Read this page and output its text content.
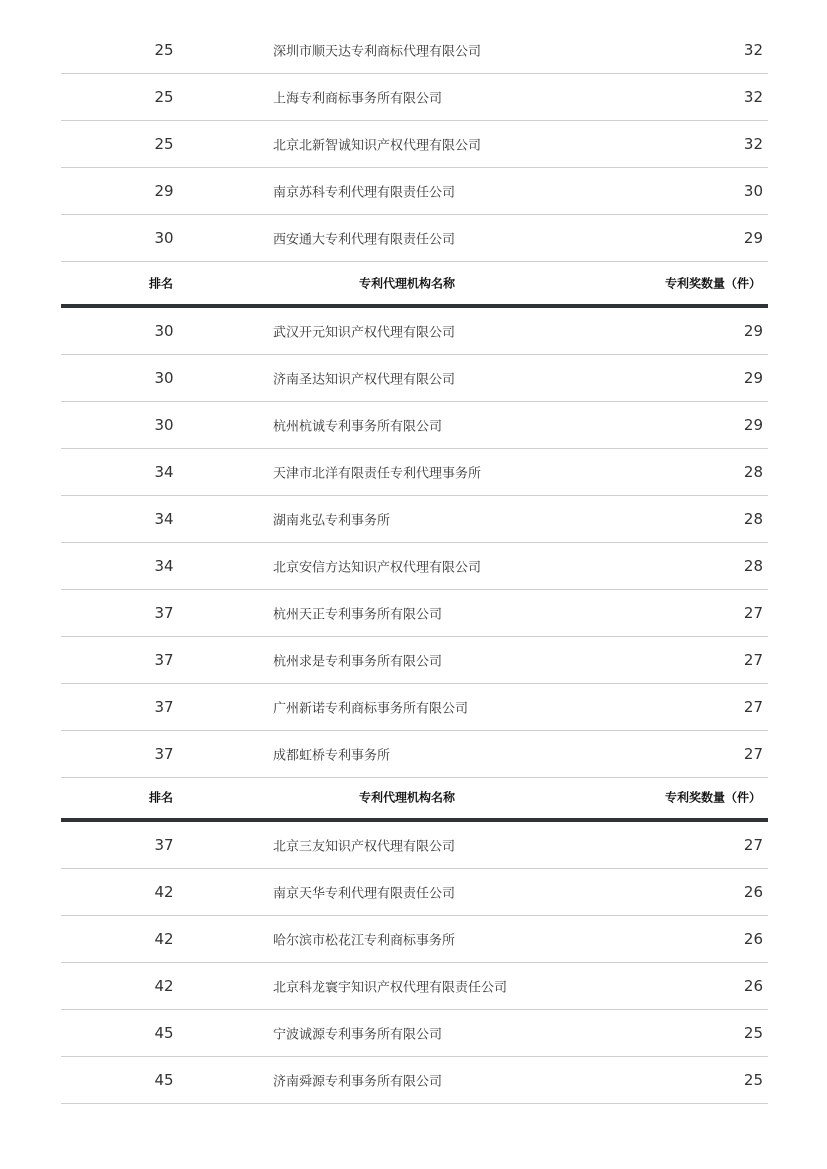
25	深圳市顺天达专利商标代理有限公司	32
25	上海专利商标事务所有限公司	32
25	北京北新智诚知识产权代理有限公司	32
29	南京苏科专利代理有限责任公司	30
30	西安通大专利代理有限责任公司	29
排名	专利代理机构名称	专利奖数量（件）
30	武汉开元知识产权代理有限公司	29
30	济南圣达知识产权代理有限公司	29
30	杭州杭诚专利事务所有限公司	29
34	天津市北洋有限责任专利代理事务所	28
34	湖南兆弘专利事务所	28
34	北京安信方达知识产权代理有限公司	28
37	杭州天正专利事务所有限公司	27
37	杭州求是专利事务所有限公司	27
37	广州新诺专利商标事务所有限公司	27
37	成都虹桥专利事务所	27
排名	专利代理机构名称	专利奖数量（件）
37	北京三友知识产权代理有限公司	27
42	南京天华专利代理有限责任公司	26
42	哈尔滨市松花江专利商标事务所	26
42	北京科龙寰宇知识产权代理有限责任公司	26
45	宁波诚源专利事务所有限公司	25
45	济南舜源专利事务所有限公司	25
